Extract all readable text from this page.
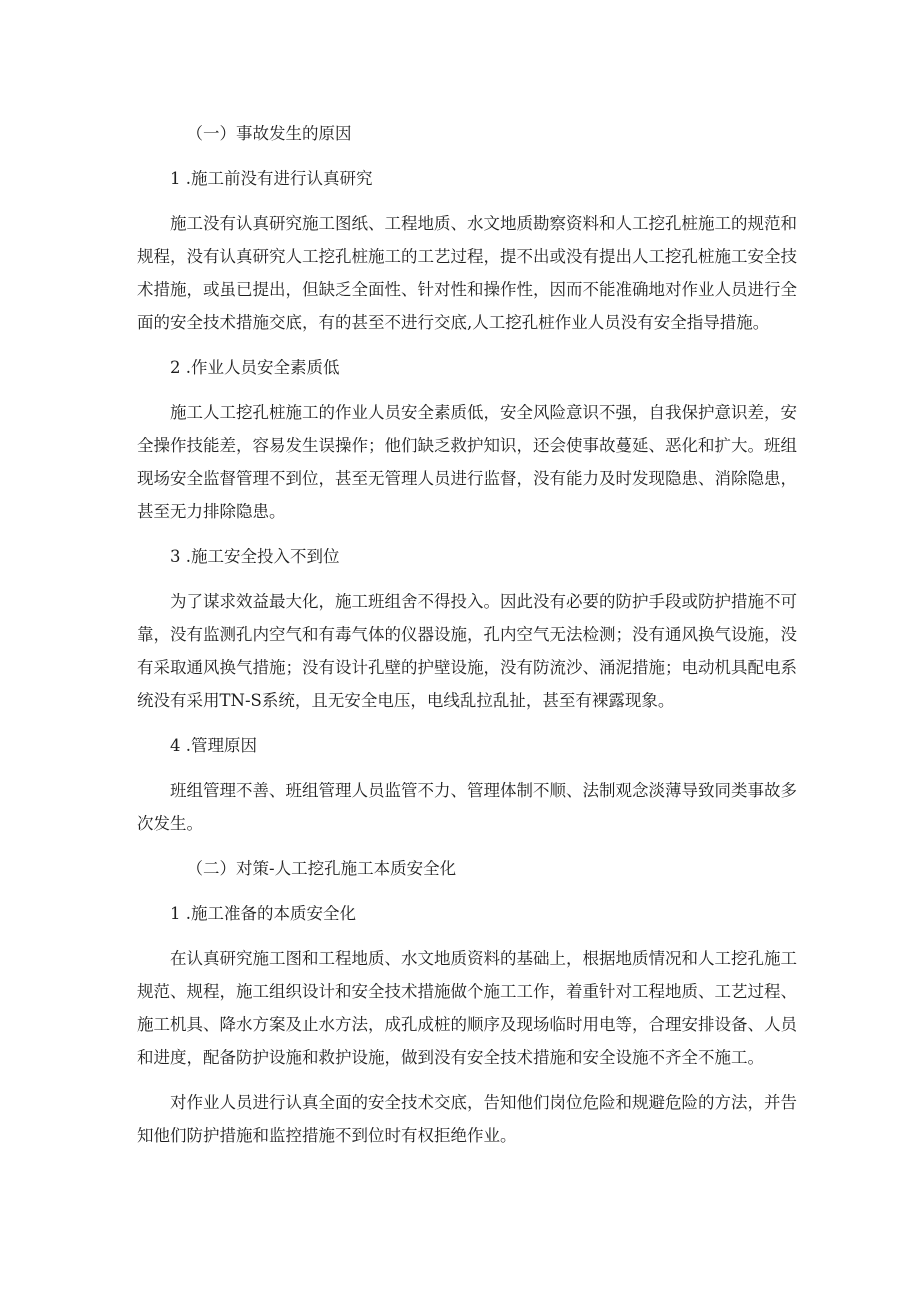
（一）事故发生的原因

1 .施工前没有进行认真研究

施工没有认真研究施工图纸、工程地质、水文地质勘察资料和人工挖孔桩施工的规范和规程，没有认真研究人工挖孔桩施工的工艺过程，提不出或没有提出人工挖孔桩施工安全技术措施，或虽已提出，但缺乏全面性、针对性和操作性，因而不能准确地对作业人员进行全面的安全技术措施交底，有的甚至不进行交底,人工挖孔桩作业人员没有安全指导措施。

2 .作业人员安全素质低

施工人工挖孔桩施工的作业人员安全素质低，安全风险意识不强，自我保护意识差，安全操作技能差，容易发生误操作；他们缺乏救护知识，还会使事故蔓延、恶化和扩大。班组现场安全监督管理不到位，甚至无管理人员进行监督，没有能力及时发现隐患、消除隐患，甚至无力排除隐患。

3 .施工安全投入不到位

为了谋求效益最大化，施工班组舍不得投入。因此没有必要的防护手段或防护措施不可靠，没有监测孔内空气和有毒气体的仪器设施，孔内空气无法检测；没有通风换气设施，没有采取通风换气措施；没有设计孔壁的护壁设施，没有防流沙、涌泥措施；电动机具配电系统没有采用TN-S系统，且无安全电压，电线乱拉乱扯，甚至有裸露现象。

4 .管理原因

班组管理不善、班组管理人员监管不力、管理体制不顺、法制观念淡薄导致同类事故多次发生。

（二）对策-人工挖孔施工本质安全化

1 .施工准备的本质安全化

在认真研究施工图和工程地质、水文地质资料的基础上，根据地质情况和人工挖孔施工规范、规程，施工组织设计和安全技术措施做个施工工作，着重针对工程地质、工艺过程、施工机具、降水方案及止水方法，成孔成桩的顺序及现场临时用电等，合理安排设备、人员和进度，配备防护设施和救护设施，做到没有安全技术措施和安全设施不齐全不施工。

对作业人员进行认真全面的安全技术交底，告知他们岗位危险和规避危险的方法，并告知他们防护措施和监控措施不到位时有权拒绝作业。
